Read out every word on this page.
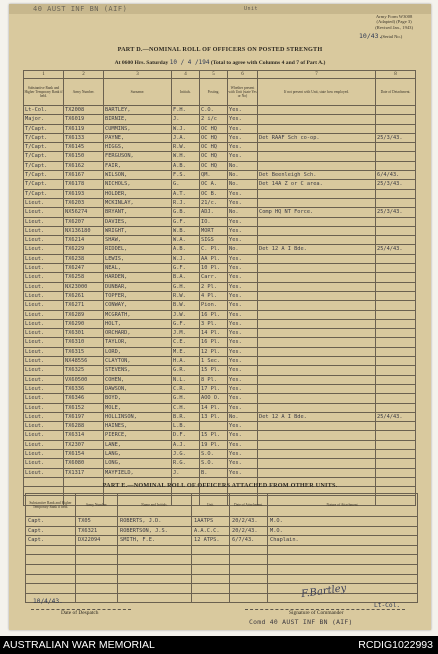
40 AUST INF BN (AIF)	Unit
Army Form W3008
(Adapted) (Page 3)
(Revised Jan., 1943)
10/43.
(Serial No.)
PART D.—NOMINAL ROLL OF OFFICERS ON POSTED STRENGTH
At 0600 Hrs. Saturday 10 / 4 /194 (Total to agree with Columns 4 and 7 of Part A.)
1	2	3	4	5	6	7	8
Substantive Rank and Higher Temporary Rank if held.	Army Number.	Surname.	Initials.	Posting.	Whether present with Unit (state Yes or No)	If not present with Unit, state how employed.	Date of Detachment.
Lt-Col.	TX2008	BARTLEY,	F.H.	C.O.	Yes.		
Major.	TX6019	BIRNIE,	J.	2 i/c	Yes.		
T/Capt.	TX6119	CUMMINS,	W.J.	OC HQ	Yes.		
T/Capt.	TX6133	PAYNE,	J.A.	OC HQ	Yes.	Det RAAF Sch co-op.	25/3/43.
T/Capt.	TX6145	HIGGS,	R.W.	OC HQ	Yes.		
T/Capt.	TX6150	FERGUSON,	W.H.	OC HQ	Yes.		
T/Capt.	TX6162	FAIR,	A.B.	OC HQ	No.		
T/Capt.	TX6167	WILSON,	F.S.	QM.	No.	Det Beenleigh Sch.	6/4/43.
T/Capt.	TX6178	NICHOLS,	G.	OC A.	No.	Det 14A Z or C area.	25/3/43.
T/Capt.	TX6193	HOLDER,	A.T.	OC B.	Yes.		
Lieut.	TX6203	MCKINLAY,	R.J.	21/c.	Yes.		
Lieut.	NX56274	BRYANT,	G.B.	ADJ.	No.	Comp HQ NT Force.	25/3/43.
Lieut.	TX6207	DAVIES,	G.F.	IO.	Yes.		
Lieut.	NX136180	WRIGHT,	W.B.	MORT	Yes.		
Lieut.	TX6214	SHAW,	W.A.	SIGS	Yes.		
Lieut.	TX6229	RIDDEL,	A.B.	C. Pl.	No.	Det 12 A I Bde.	25/4/43.
Lieut.	TX6238	LEWIS,	W.J.	AA Pl.	Yes.		
Lieut.	TX6247	NEAL,	G.F.	10 Pl.	Yes.		
Lieut.	TX6258	HARDEN,	B.A.	Carr.	Yes.		
Lieut.	NX23000	DUNBAR,	G.H.	2 Pl.	Yes.		
Lieut.	TX6261	TOPFER,	R.W.	4 Pl.	Yes.		
Lieut.	TX6271	CONWAY,	B.W.	Pion.	Yes.		
Lieut.	TX6289	MCGRATH,	J.W.	16 Pl.	Yes.		
Lieut.	TX6290	HOLT,	G.F.	3 Pl.	Yes.		
Lieut.	TX6301	ORCHARD,	J.M.	14 Pl.	Yes.		
Lieut.	TX6310	TAYLOR,	C.E.	16 Pl.	Yes.		
Lieut.	TX6315	LORD,	M.E.	12 Pl.	Yes.		
Lieut.	NX48556	CLAYTON,	H.A.	1 Sec.	Yes.		
Lieut.	TX6325	STEVENS,	G.R.	15 Pl.	Yes.		
Lieut.	VX60500	COHEN,	N.L.	8 Pl.	Yes.		
Lieut.	TX6336	DAWSON,	C.R.	17 Pl.	Yes.		
Lieut.	TX6346	BOYD,	G.H.	AOO O.	Yes.		
Lieut.	TX6152	MOLE,	C.H.	14 Pl.	Yes.		
Lieut.	TX6197	HOLLINSON,	B.R.	13 Pl.	No.	Det 12 A I Bde.	25/4/43.
Lieut.	TX6288	HAINES,	L.B.		Yes.		
Lieut.	TX6314	PIERCE,	D.F.	15 Pl.	Yes.		
Lieut.	TX2307	LANE,	A.J.	19 Pl.	Yes.		
Lieut.	TX6154	LANG,	J.G.	S.O.	Yes.		
Lieut.	TX6080	LONG,	R.G.	S.O.	Yes.		
Lieut.	TX1317	MAYFIELD,	J.	B.	Yes.		

PART E.—NOMINAL ROLL OF OFFICERS ATTACHED FROM OTHER UNITS.
Substantive Rank and Higher Temporary Rank if held.	Army Number.	Name and Initials.	Unit.	Date of Attachment.	Nature of Attachment.
Capt.	TX05	ROBERTS, J.D.	1AATPS	20/2/43.	M.O.
Capt.	TX6321	ROBERTSON, J.S.	A.A.C.C.	20/2/43.	M.O.
Capt.	DX22094	SMITH, F.E.	12 ATPS.	6/7/43.	Chaplain.

10/4/43.
Date of Despatch
F.Bartley
Lt-Col.
Signature of Commander
Comd 40 AUST INF BN (AIF)
AUSTRALIAN WAR MEMORIAL	RCDIG1022993
